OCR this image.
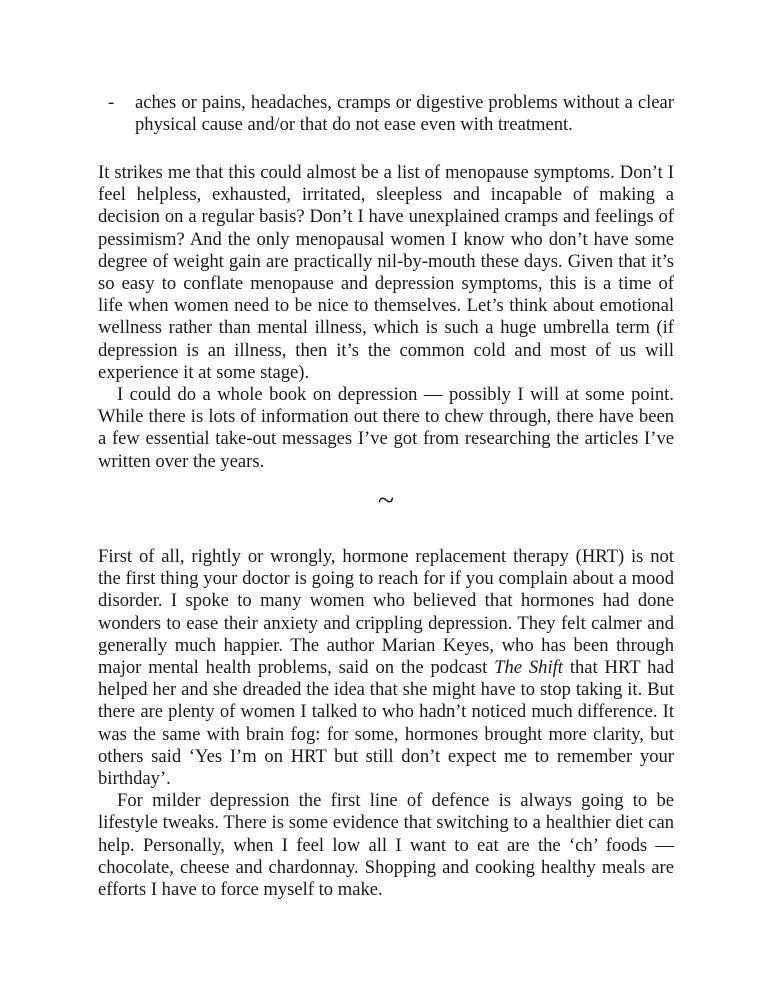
- aches or pains, headaches, cramps or digestive problems without a clear physical cause and/or that do not ease even with treatment.

It strikes me that this could almost be a list of menopause symptoms. Don’t I feel helpless, exhausted, irritated, sleepless and incapable of making a decision on a regular basis? Don’t I have unexplained cramps and feelings of pessimism? And the only menopausal women I know who don’t have some degree of weight gain are practically nil-by-mouth these days. Given that it’s so easy to conflate menopause and depression symptoms, this is a time of life when women need to be nice to themselves. Let’s think about emotional wellness rather than mental illness, which is such a huge umbrella term (if depression is an illness, then it’s the common cold and most of us will experience it at some stage).

I could do a whole book on depression — possibly I will at some point. While there is lots of information out there to chew through, there have been a few essential take-out messages I’ve got from researching the articles I’ve written over the years.

~

First of all, rightly or wrongly, hormone replacement therapy (HRT) is not the first thing your doctor is going to reach for if you complain about a mood disorder. I spoke to many women who believed that hormones had done wonders to ease their anxiety and crippling depression. They felt calmer and generally much happier. The author Marian Keyes, who has been through major mental health problems, said on the podcast The Shift that HRT had helped her and she dreaded the idea that she might have to stop taking it. But there are plenty of women I talked to who hadn’t noticed much difference. It was the same with brain fog: for some, hormones brought more clarity, but others said ‘Yes I’m on HRT but still don’t expect me to remember your birthday’.

For milder depression the first line of defence is always going to be lifestyle tweaks. There is some evidence that switching to a healthier diet can help. Personally, when I feel low all I want to eat are the ‘ch’ foods — chocolate, cheese and chardonnay. Shopping and cooking healthy meals are efforts I have to force myself to make.
